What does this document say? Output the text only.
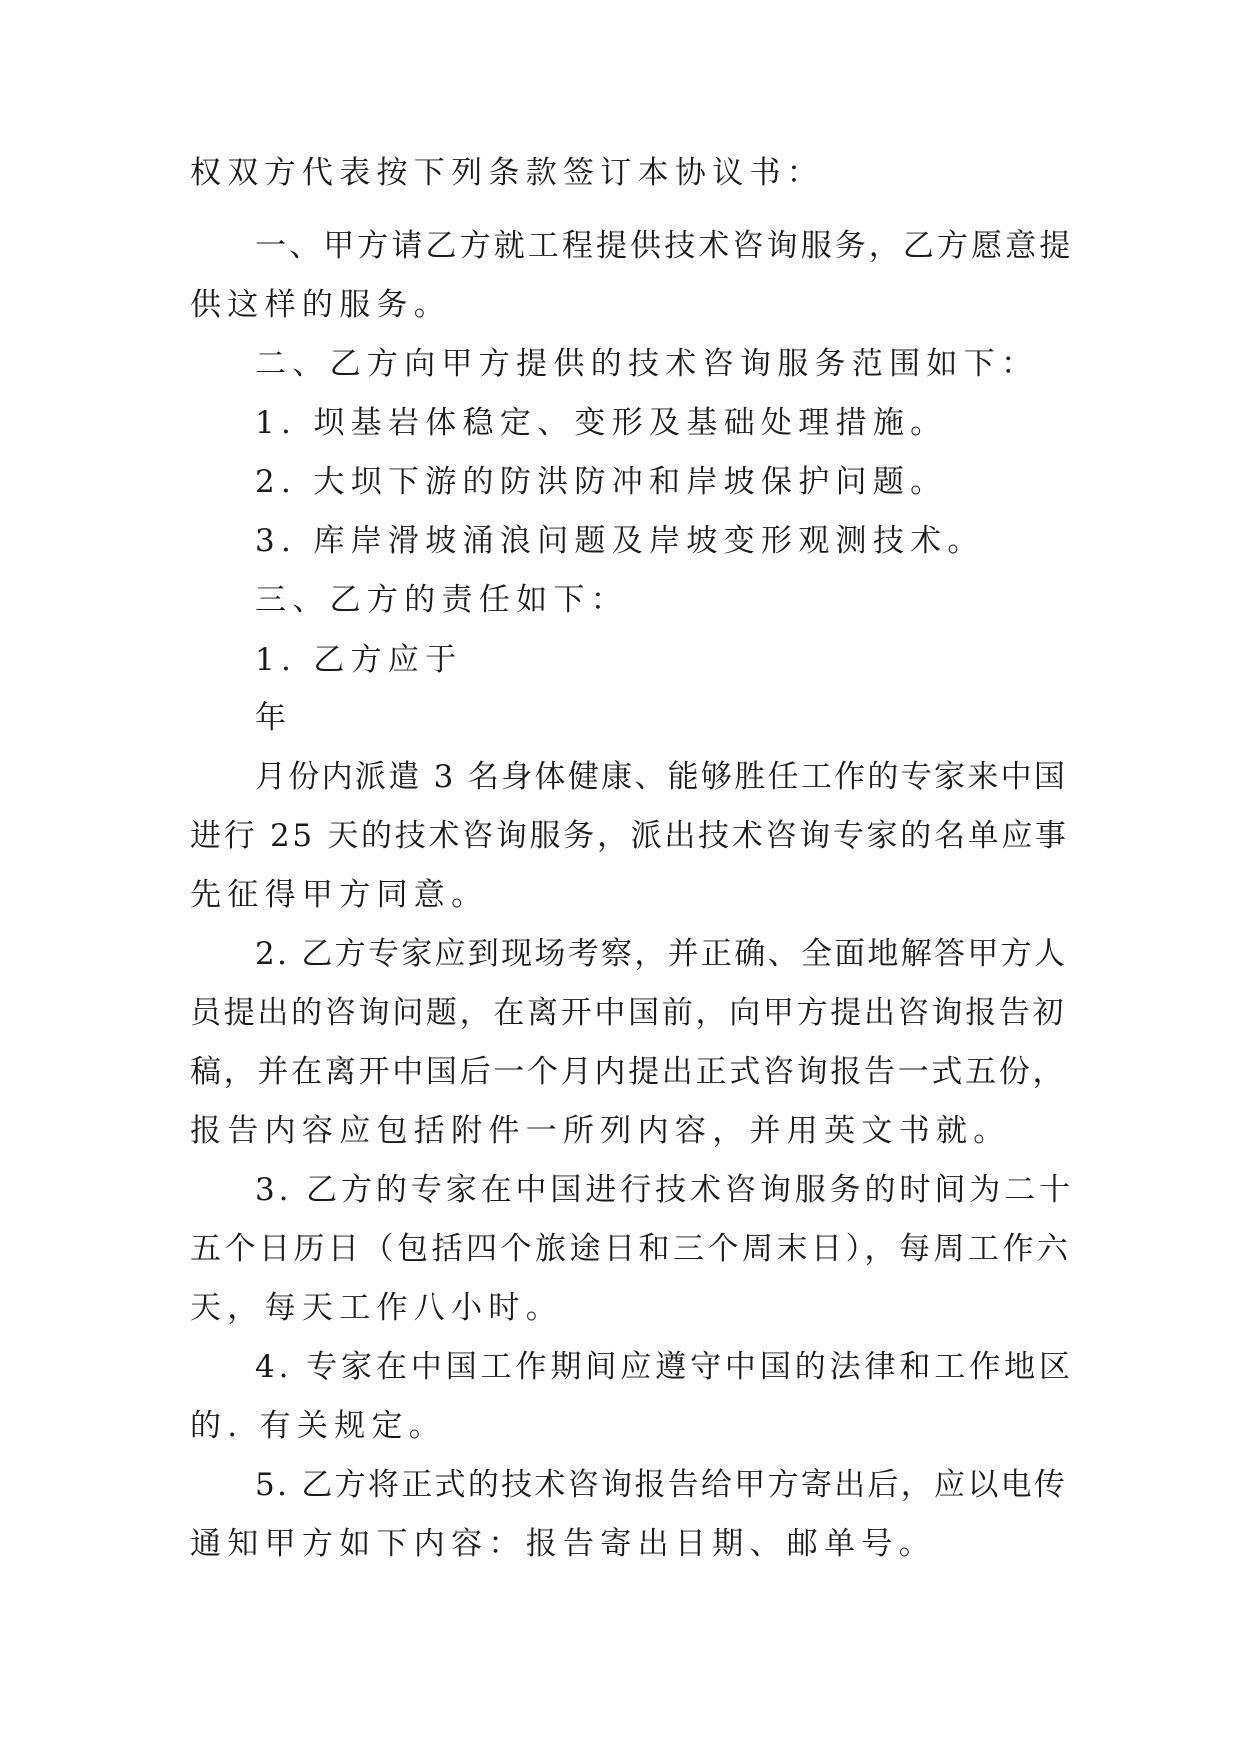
权双方代表按下列条款签订本协议书：
一、甲方请乙方就工程提供技术咨询服务，乙方愿意提
供这样的服务。
二、乙方向甲方提供的技术咨询服务范围如下：
1. 坝基岩体稳定、变形及基础处理措施。
2. 大坝下游的防洪防冲和岸坡保护问题。
3. 库岸滑坡涌浪问题及岸坡变形观测技术。
三、乙方的责任如下：
1. 乙方应于
年
月份内派遣 3 名身体健康、能够胜任工作的专家来中国
进行 25 天的技术咨询服务，派出技术咨询专家的名单应事
先征得甲方同意。
2. 乙方专家应到现场考察，并正确、全面地解答甲方人
员提出的咨询问题，在离开中国前，向甲方提出咨询报告初
稿，并在离开中国后一个月内提出正式咨询报告一式五份，
报告内容应包括附件一所列内容，并用英文书就。
3. 乙方的专家在中国进行技术咨询服务的时间为二十
五个日历日（包括四个旅途日和三个周末日），每周工作六
天，每天工作八小时。
4. 专家在中国工作期间应遵守中国的法律和工作地区
的. 有关规定。
5. 乙方将正式的技术咨询报告给甲方寄出后，应以电传
通知甲方如下内容：报告寄出日期、邮单号。
